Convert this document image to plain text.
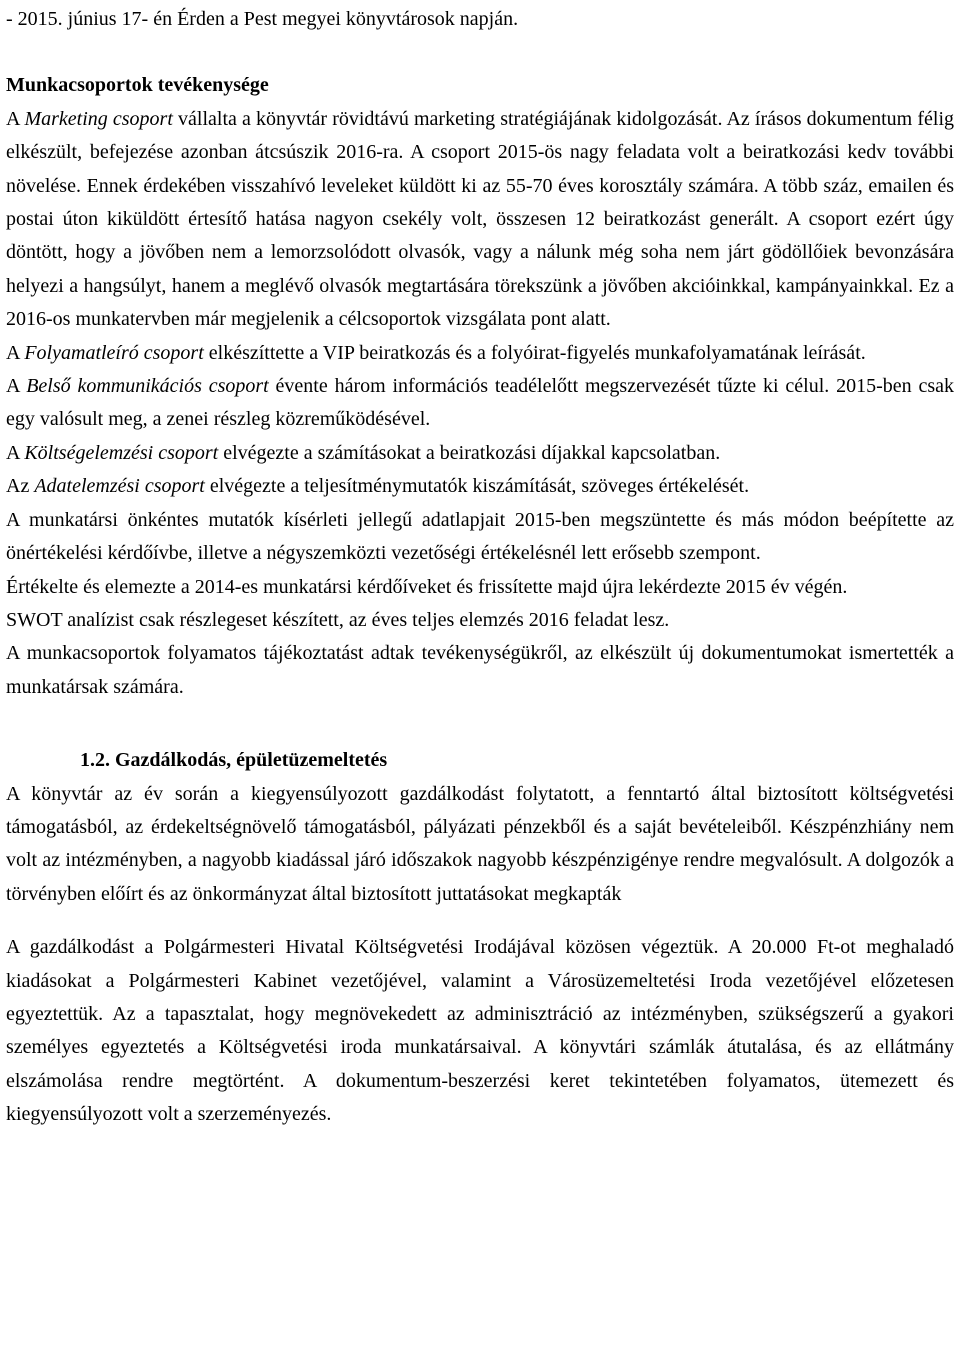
- 2015. június 17- én Érden a Pest megyei könyvtárosok napján.

Munkacsoportok tevékenysége

A Marketing csoport vállalta a könyvtár rövidtávú marketing stratégiájának kidolgozását. Az írásos dokumentum félig elkészült, befejezése azonban átcsúszik 2016-ra. A csoport 2015-ös nagy feladata volt a beiratkozási kedv további növelése. Ennek érdekében visszahívó leveleket küldött ki az 55-70 éves korosztály számára. A több száz, emailen és postai úton kiküldött értesítő hatása nagyon csekély volt, összesen 12 beiratkozást generált. A csoport ezért úgy döntött, hogy a jövőben nem a lemorzsolódott olvasók, vagy a nálunk még soha nem járt gödöllőiek bevonzására helyezi a hangsúlyt, hanem a meglévő olvasók megtartására törekszünk a jövőben akcióinkkal, kampányainkkal. Ez a 2016-os munkatervben már megjelenik a célcsoportok vizsgálata pont alatt.

A Folyamatleíró csoport elkészíttette a VIP beiratkozás és a folyóirat-figyelés munkafolyamatának leírását.

A Belső kommunikációs csoport évente három információs teadélelőtt megszervezését tűzte ki célul. 2015-ben csak egy valósult meg, a zenei részleg közreműködésével.

A Költségelemzési csoport elvégezte a számításokat a beiratkozási díjakkal kapcsolatban.

Az Adatelemzési csoport elvégezte a teljesítménymutatók kiszámítását, szöveges értékelését.

A munkatársi önkéntes mutatók kísérleti jellegű adatlapjait 2015-ben megszüntette és más módon beépítette az önértékelési kérdőívbe, illetve a négyszemközti vezetőségi értékelésnél lett erősebb szempont.

Értékelte és elemezte a 2014-es munkatársi kérdőíveket és frissítette majd újra lekérdezte 2015 év végén.

SWOT analízist csak részlegeset készített, az éves teljes elemzés 2016 feladat lesz.

A munkacsoportok folyamatos tájékoztatást adtak tevékenységükről, az elkészült új dokumentumokat ismertették a munkatársak számára.

1.2. Gazdálkodás, épületüzemeltetés

A könyvtár az év során a kiegyensúlyozott gazdálkodást folytatott, a fenntartó által biztosított költségvetési támogatásból, az érdekeltségnövelő támogatásból, pályázati pénzekből és a saját bevételeiből. Készpénzhiány nem volt az intézményben, a nagyobb kiadással járó időszakok nagyobb készpénzigénye rendre megvalósult. A dolgozók a törvényben előírt és az önkormányzat által biztosított juttatásokat megkapták

A gazdálkodást a Polgármesteri Hivatal Költségvetési Irodájával közösen végeztük. A 20.000 Ft-ot meghaladó kiadásokat a Polgármesteri Kabinet vezetőjével, valamint a Városüzemeltetési Iroda vezetőjével előzetesen egyeztettük. Az a tapasztalat, hogy megnövekedett az adminisztráció az intézményben, szükségszerű a gyakori személyes egyeztetés a Költségvetési iroda munkatársaival. A könyvtári számlák átutalása, és az ellátmány elszámolása rendre megtörtént. A dokumentum-beszerzési keret tekintetében folyamatos, ütemezett és kiegyensúlyozott volt a szerzeményezés.
